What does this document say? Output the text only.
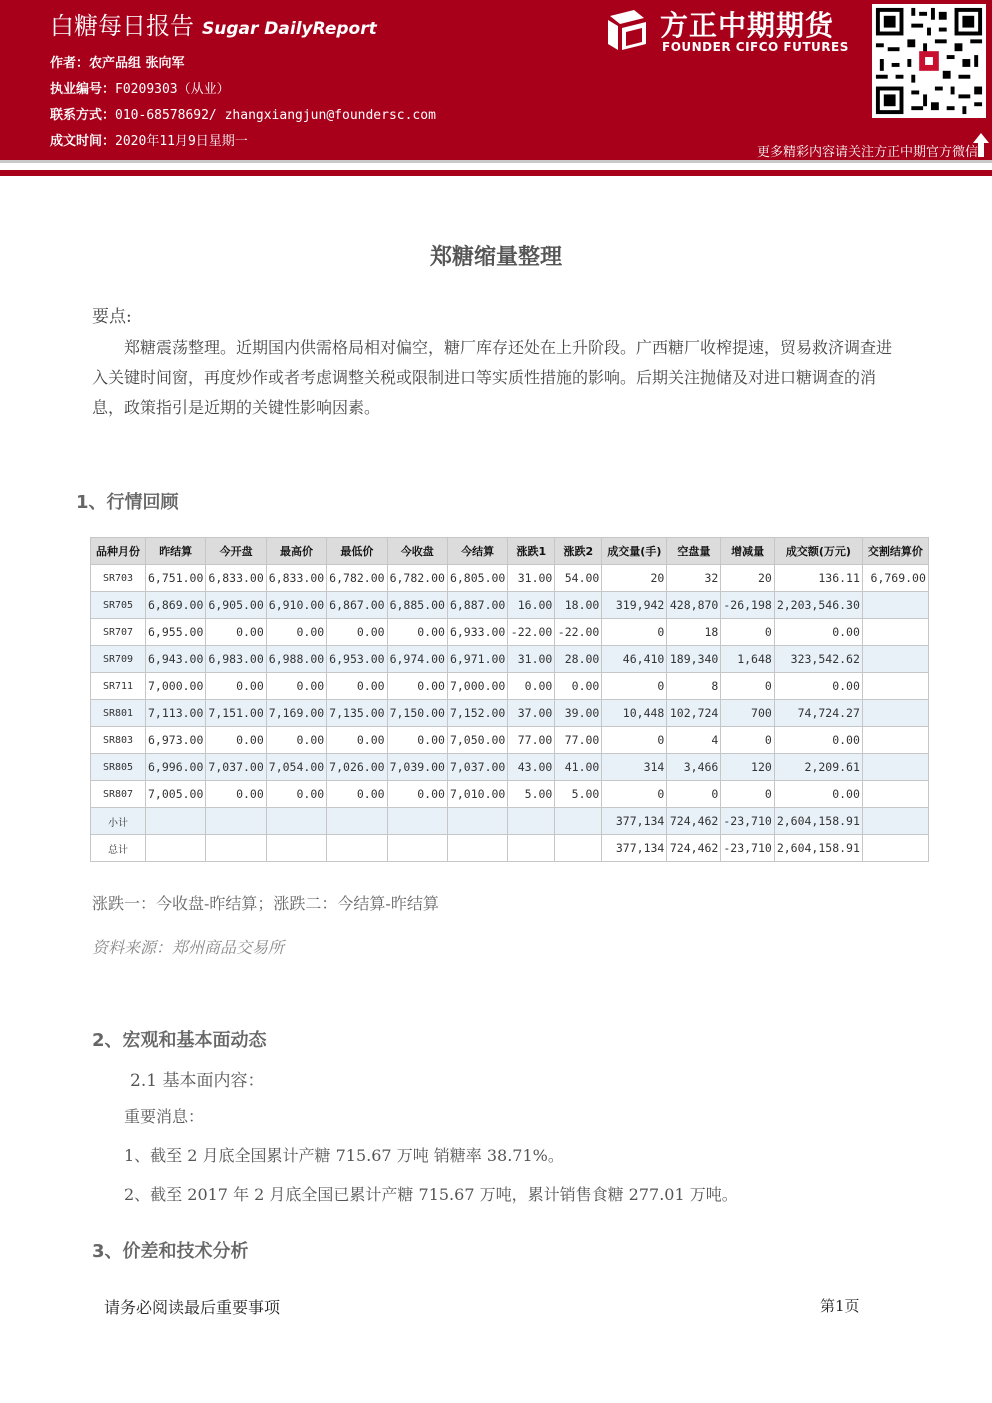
白糖每日报告 Sugar DailyReport
作者：农产品组 张向军
执业编号：F0209303（从业）
联系方式：010-68578692/ zhangxiangjun@foundersc.com
成文时间：2020年11月9日星期一
方正中期期货
FOUNDER CIFCO FUTURES
更多精彩内容请关注方正中期官方微信
郑糖缩量整理
要点:
郑糖震荡整理。近期国内供需格局相对偏空，糖厂库存还处在上升阶段。广西糖厂收榨提速，贸易救济调查进入关键时间窗，再度炒作或者考虑调整关税或限制进口等实质性措施的影响。后期关注抛储及对进口糖调查的消息，政策指引是近期的关键性影响因素。
1、行情回顾
品种月份	昨结算	今开盘	最高价	最低价	今收盘	今结算	涨跌1	涨跌2	成交量(手)	空盘量	增减量	成交额(万元)	交割结算价
SR703	6,751.00	6,833.00	6,833.00	6,782.00	6,782.00	6,805.00	31.00	54.00	20	32	20	136.11	6,769.00
SR705	6,869.00	6,905.00	6,910.00	6,867.00	6,885.00	6,887.00	16.00	18.00	319,942	428,870	-26,198	2,203,546.30	
SR707	6,955.00	0.00	0.00	0.00	0.00	6,933.00	-22.00	-22.00	0	18	0	0.00	
SR709	6,943.00	6,983.00	6,988.00	6,953.00	6,974.00	6,971.00	31.00	28.00	46,410	189,340	1,648	323,542.62	
SR711	7,000.00	0.00	0.00	0.00	0.00	7,000.00	0.00	0.00	0	8	0	0.00	
SR801	7,113.00	7,151.00	7,169.00	7,135.00	7,150.00	7,152.00	37.00	39.00	10,448	102,724	700	74,724.27	
SR803	6,973.00	0.00	0.00	0.00	0.00	7,050.00	77.00	77.00	0	4	0	0.00	
SR805	6,996.00	7,037.00	7,054.00	7,026.00	7,039.00	7,037.00	43.00	41.00	314	3,466	120	2,209.61	
SR807	7,005.00	0.00	0.00	0.00	0.00	7,010.00	5.00	5.00	0	0	0	0.00	
小计									377,134	724,462	-23,710	2,604,158.91	
总计									377,134	724,462	-23,710	2,604,158.91	
涨跌一：今收盘-昨结算；涨跌二：今结算-昨结算
资料来源：郑州商品交易所
2、宏观和基本面动态
2.1 基本面内容：
重要消息：
1、截至 2 月底全国累计产糖 715.67 万吨 销糖率 38.71%。
2、截至 2017 年 2 月底全国已累计产糖 715.67 万吨，累计销售食糖 277.01 万吨。
3、价差和技术分析
请务必阅读最后重要事项	第1页
